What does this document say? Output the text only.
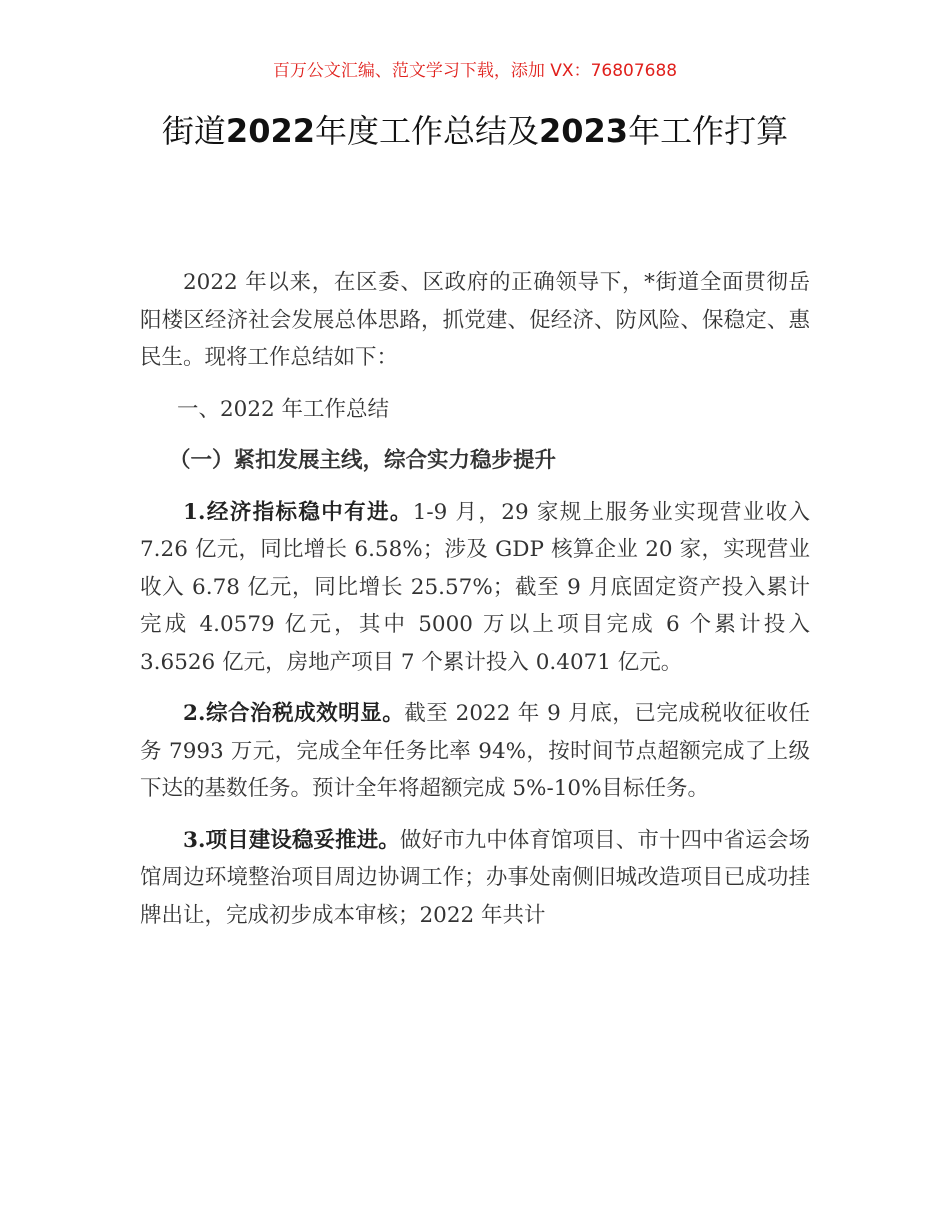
百万公文汇编、范文学习下载，添加 VX：76807688
街道2022年度工作总结及2023年工作打算

2022 年以来，在区委、区政府的正确领导下，*街道全面贯彻岳阳楼区经济社会发展总体思路，抓党建、促经济、防风险、保稳定、惠民生。现将工作总结如下：

一、2022 年工作总结

（一）紧扣发展主线，综合实力稳步提升

1.经济指标稳中有进。1-9 月，29 家规上服务业实现营业收入 7.26 亿元，同比增长 6.58%；涉及 GDP 核算企业 20 家，实现营业收入 6.78 亿元，同比增长 25.57%；截至 9 月底固定资产投入累计完成 4.0579 亿元，其中 5000 万以上项目完成 6 个累计投入 3.6526 亿元，房地产项目 7 个累计投入 0.4071 亿元。

2.综合治税成效明显。截至 2022 年 9 月底，已完成税收征收任务 7993 万元，完成全年任务比率 94%，按时间节点超额完成了上级下达的基数任务。预计全年将超额完成 5%-10%目标任务。

3.项目建设稳妥推进。做好市九中体育馆项目、市十四中省运会场馆周边环境整治项目周边协调工作；办事处南侧旧城改造项目已成功挂牌出让，完成初步成本审核；2022 年共计
